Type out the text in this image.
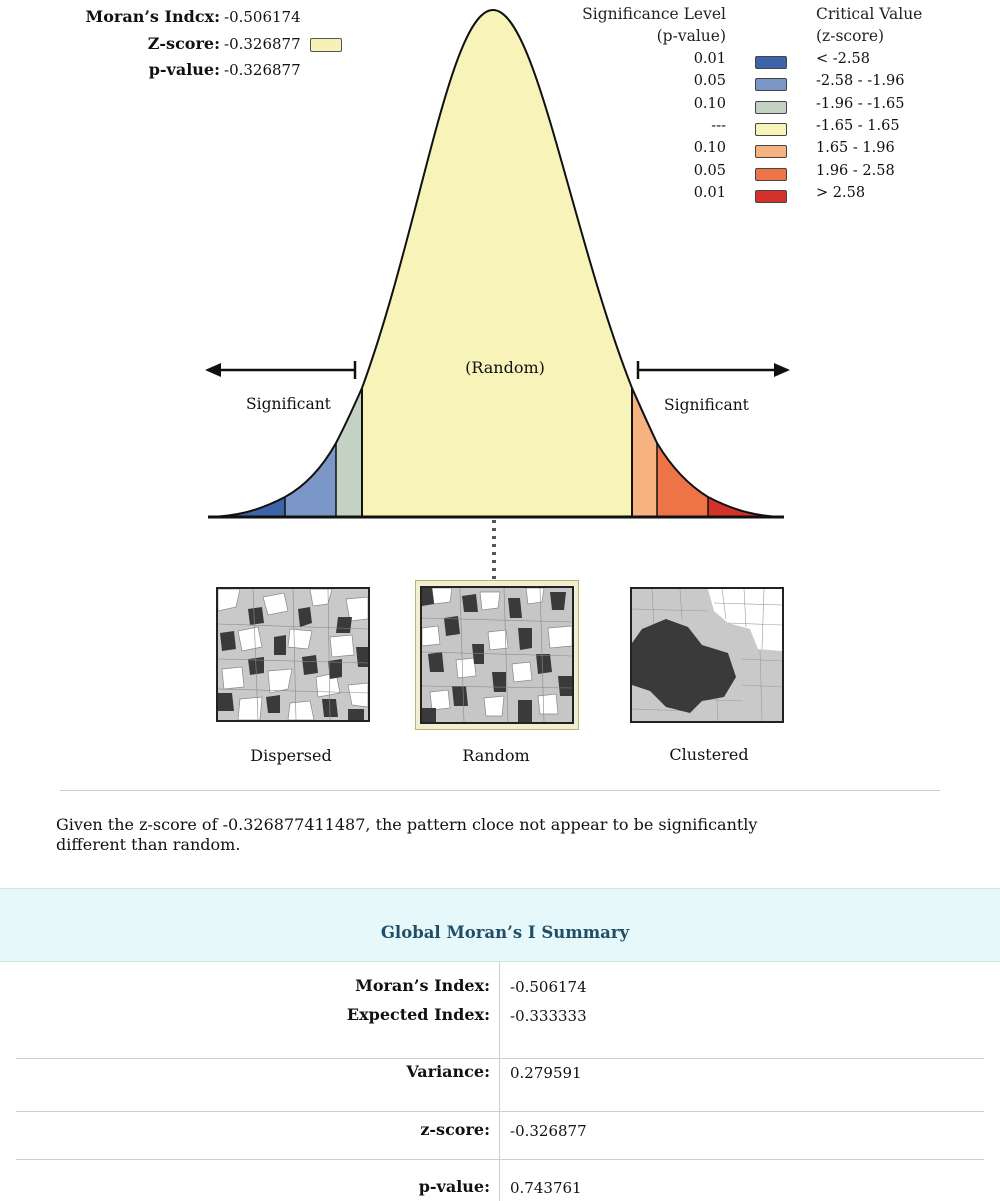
Moran’s Indcx: -0.506174
Z-score: -0.326877
p-value: -0.326877
(Random)
Significant	Significant
Significance Level
(p-value)
Critical Value
(z-score)
0.01	< -2.58
0.05	-2.58 - -1.96
0.10	-1.96 - -1.65
---	-1.65 - 1.65
0.10	1.65 - 1.96
0.05	1.96 - 2.58
0.01	> 2.58
Dispersed	Random	Clustered
Given the z-score of -0.326877411487, the pattern cloce not appear to be significantly different than random.
Global Moran’s I Summary
Moran’s Index: -0.506174
Expected Index: -0.333333
Variance: 0.279591
z-score: -0.326877
p-value: 0.743761
